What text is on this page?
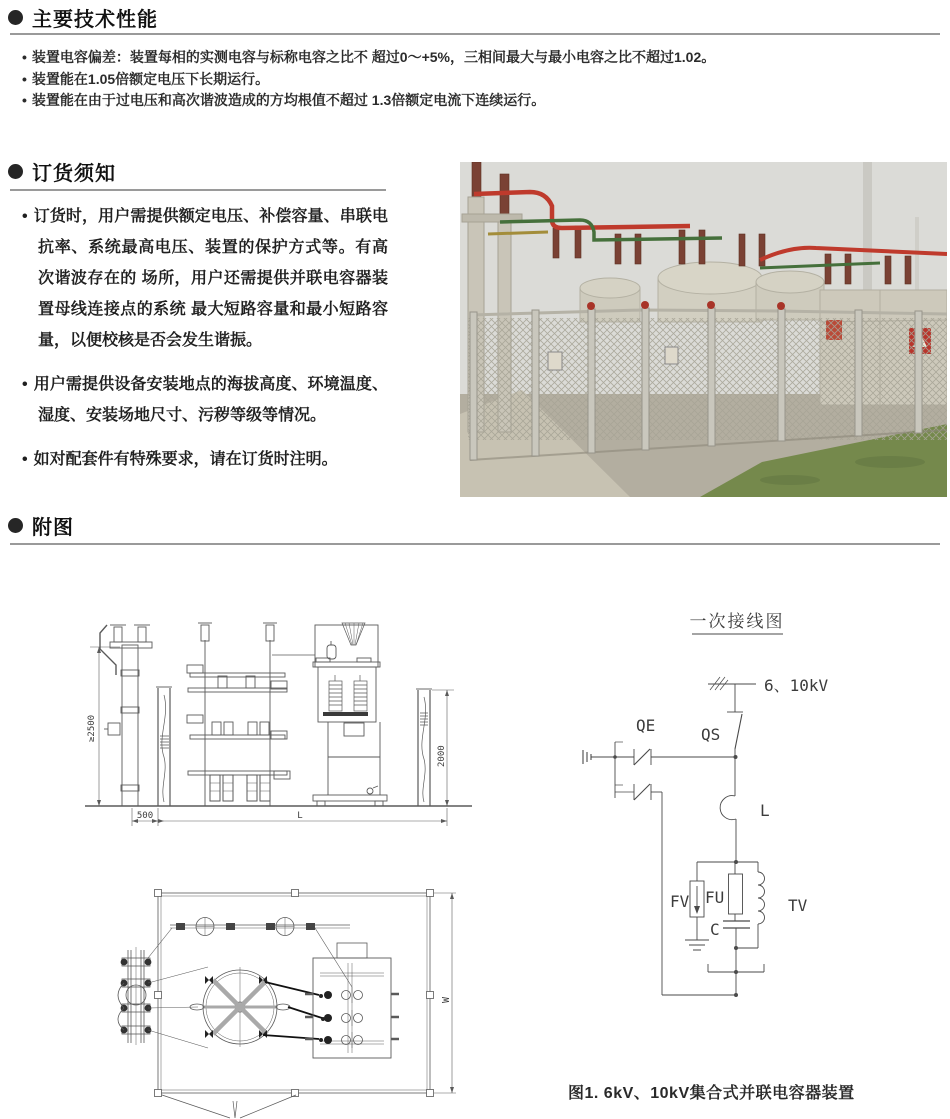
主要技术性能
• 装置电容偏差：装置每相的实测电容与标称电容之比不 超过0～+5%，三相间最大与最小电容之比不超过1.02。
• 装置能在1.05倍额定电压下长期运行。
• 装置能在由于过电压和高次谐波造成的方均根值不超过 1.3倍额定电流下连续运行。
订货须知
• 订货时，用户需提供额定电压、补偿容量、串联电抗率、系统最高电压、装置的保护方式等。有高次谐波存在的 场所，用户还需提供并联电容器装置母线连接点的系统 最大短路容量和最小短路容量，以便校核是否会发生谐振。
• 用户需提供设备安装地点的海拔高度、环境温度、湿度、安装场地尺寸、污秽等级等情况。
• 如对配套件有特殊要求，请在订货时注明。
附图
≥2500
2000
500	L
W
一次接线图
6、10kV
QS
QE
L
FV FU
C
TV
图1. 6kV、10kV集合式并联电容器装置
